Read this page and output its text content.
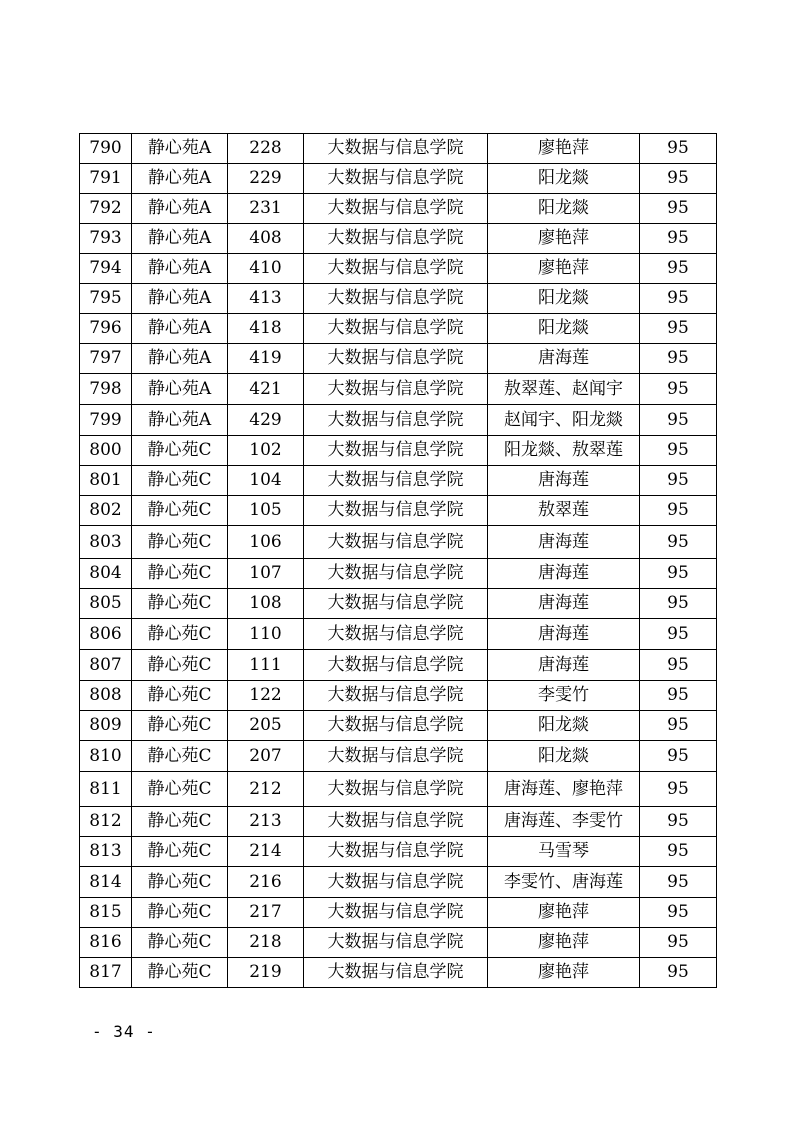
790	静心苑A	228	大数据与信息学院	廖艳萍	95
791	静心苑A	229	大数据与信息学院	阳龙燚	95
792	静心苑A	231	大数据与信息学院	阳龙燚	95
793	静心苑A	408	大数据与信息学院	廖艳萍	95
794	静心苑A	410	大数据与信息学院	廖艳萍	95
795	静心苑A	413	大数据与信息学院	阳龙燚	95
796	静心苑A	418	大数据与信息学院	阳龙燚	95
797	静心苑A	419	大数据与信息学院	唐海莲	95
798	静心苑A	421	大数据与信息学院	敖翠莲、赵闻宇	95
799	静心苑A	429	大数据与信息学院	赵闻宇、阳龙燚	95
800	静心苑C	102	大数据与信息学院	阳龙燚、敖翠莲	95
801	静心苑C	104	大数据与信息学院	唐海莲	95
802	静心苑C	105	大数据与信息学院	敖翠莲	95
803	静心苑C	106	大数据与信息学院	唐海莲	95
804	静心苑C	107	大数据与信息学院	唐海莲	95
805	静心苑C	108	大数据与信息学院	唐海莲	95
806	静心苑C	110	大数据与信息学院	唐海莲	95
807	静心苑C	111	大数据与信息学院	唐海莲	95
808	静心苑C	122	大数据与信息学院	李雯竹	95
809	静心苑C	205	大数据与信息学院	阳龙燚	95
810	静心苑C	207	大数据与信息学院	阳龙燚	95
811	静心苑C	212	大数据与信息学院	唐海莲、廖艳萍	95
812	静心苑C	213	大数据与信息学院	唐海莲、李雯竹	95
813	静心苑C	214	大数据与信息学院	马雪琴	95
814	静心苑C	216	大数据与信息学院	李雯竹、唐海莲	95
815	静心苑C	217	大数据与信息学院	廖艳萍	95
816	静心苑C	218	大数据与信息学院	廖艳萍	95
817	静心苑C	219	大数据与信息学院	廖艳萍	95
- 34 -
